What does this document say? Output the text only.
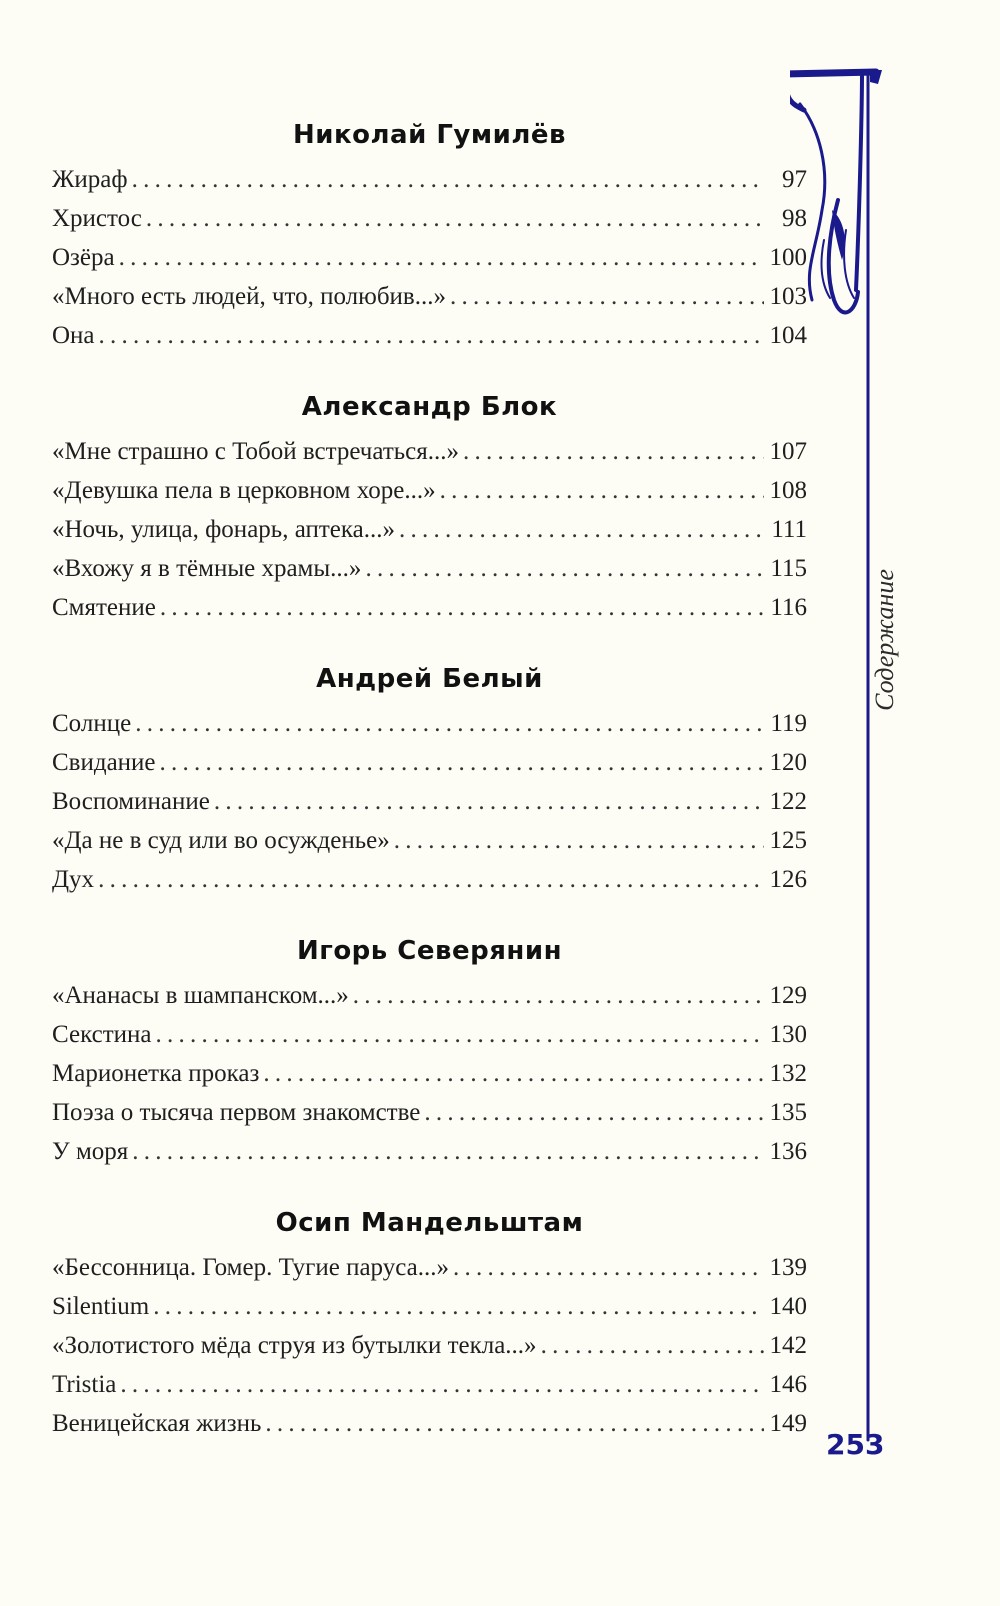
Николай Гумилёв
Жираф . . .	97
Христос . . .	98
Озёра . . .	100
«Много есть людей, что, полюбив...» . . .	103
Она . . .	104
Александр Блок
«Мне страшно с Тобой встречаться...» . . .	107
«Девушка пела в церковном хоре...» . . .	108
«Ночь, улица, фонарь, аптека...» . . .	111
«Вхожу я в тёмные храмы...» . . .	115
Смятение . . .	116
Андрей Белый
Солнце . . .	119
Свидание . . .	120
Воспоминание . . .	122
«Да не в суд или во осужденье» . . .	125
Дух . . .	126
Игорь Северянин
«Ананасы в шампанском...» . . .	129
Секстина . . .	130
Марионетка проказ . . .	132
Поэза о тысяча первом знакомстве . . .	135
У моря . . .	136
Осип Мандельштам
«Бессонница. Гомер. Тугие паруса...» . . .	139
Silentium . . .	140
«Золотистого мёда струя из бутылки текла...» . . .	142
Tristia . . .	146
Веницейская жизнь . . .	149
Содержание
253
